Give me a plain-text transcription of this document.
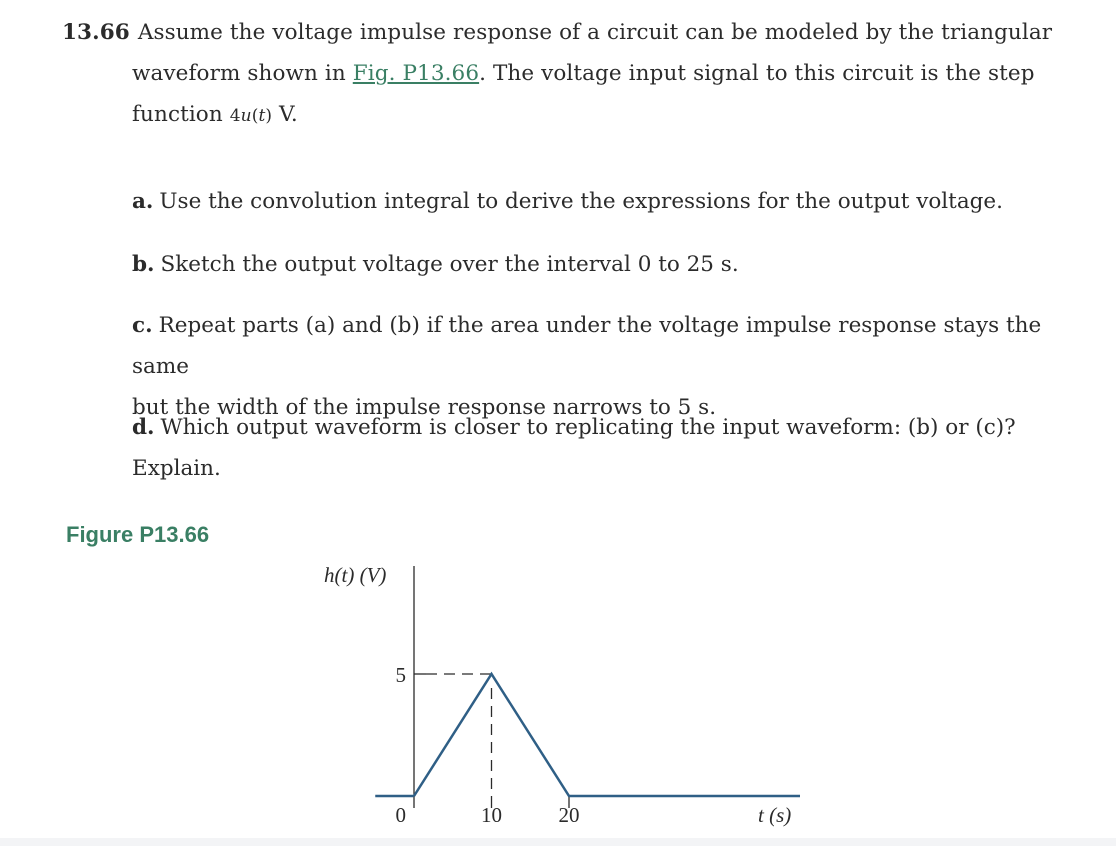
13.66 Assume the voltage impulse response of a circuit can be modeled by the triangular
waveform shown in Fig. P13.66. The voltage input signal to this circuit is the step
function 4u(t) V.
a. Use the convolution integral to derive the expressions for the output voltage.
b. Sketch the output voltage over the interval 0 to 25 s.
c. Repeat parts (a) and (b) if the area under the voltage impulse response stays the same
but the width of the impulse response narrows to 5 s.
d. Which output waveform is closer to replicating the input waveform: (b) or (c)? Explain.
Figure P13.66
5
0	10	20
h(t) (V)
t (s)
